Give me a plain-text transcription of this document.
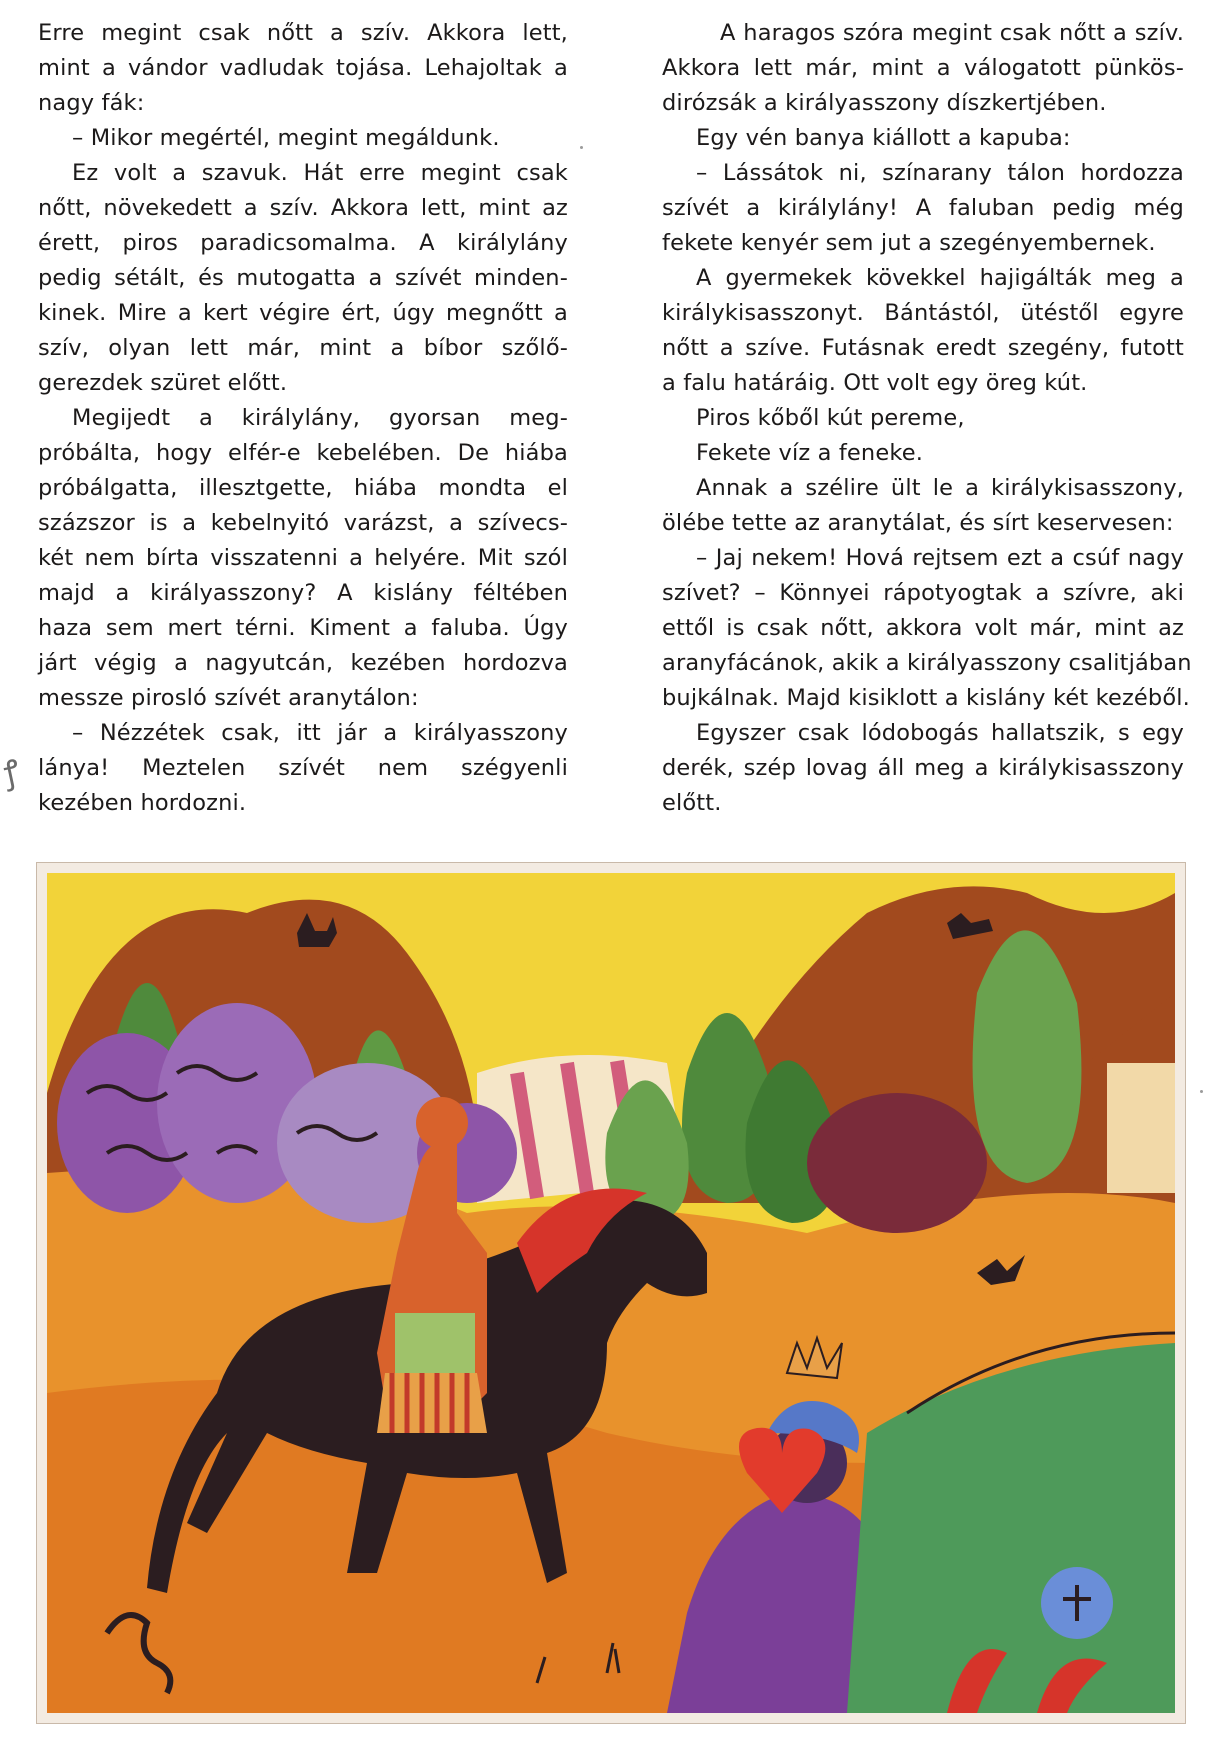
Erre megint csak nőtt a szív. Akkora lett,
mint a vándor vadludak tojása. Lehajoltak a
nagy fák:

– Mikor megértél, megint megáldunk.

Ez volt a szavuk. Hát erre megint csak
nőtt, növekedett a szív. Akkora lett, mint az
érett, piros paradicsomalma. A királylány
pedig sétált, és mutogatta a szívét minden-
kinek. Mire a kert végire ért, úgy megnőtt a
szív, olyan lett már, mint a bíbor szőlő-
gerezdek szüret előtt.

Megijedt a királylány, gyorsan meg-
próbálta, hogy elfér-e kebelében. De hiába
próbálgatta, illesztgette, hiába mondta el
százszor is a kebelnyitó varázst, a szívecs-
két nem bírta visszatenni a helyére. Mit szól
majd a királyasszony? A kislány féltében
haza sem mert térni. Kiment a faluba. Úgy
járt végig a nagyutcán, kezében hordozva
messze pirosló szívét aranytálon:

– Nézzétek csak, itt jár a királyasszony
lánya! Meztelen szívét nem szégyenli
kezében hordozni.

A haragos szóra megint csak nőtt a szív.
Akkora lett már, mint a válogatott pünkös-
dirózsák a királyasszony díszkertjében.

Egy vén banya kiállott a kapuba:

– Lássátok ni, színarany tálon hordozza
szívét a királylány! A faluban pedig még
fekete kenyér sem jut a szegényembernek.

A gyermekek kövekkel hajigálták meg a
királykisasszonyt. Bántástól, ütéstől egyre
nőtt a szíve. Futásnak eredt szegény, futott
a falu határáig. Ott volt egy öreg kút.

Piros kőből kút pereme,

Fekete víz a feneke.

Annak a szélire ült le a királykisasszony,
ölébe tette az aranytálat, és sírt keservesen:

– Jaj nekem! Hová rejtsem ezt a csúf nagy
szívet? – Könnyei rápotyogtak a szívre, aki
ettől is csak nőtt, akkora volt már, mint az
aranyfácánok, akik a királyasszony csalitjában
bujkálnak. Majd kisiklott a kislány két kezéből.

Egyszer csak lódobogás hallatszik, s egy
derék, szép lovag áll meg a királykisasszony
előtt.

ꝭ
